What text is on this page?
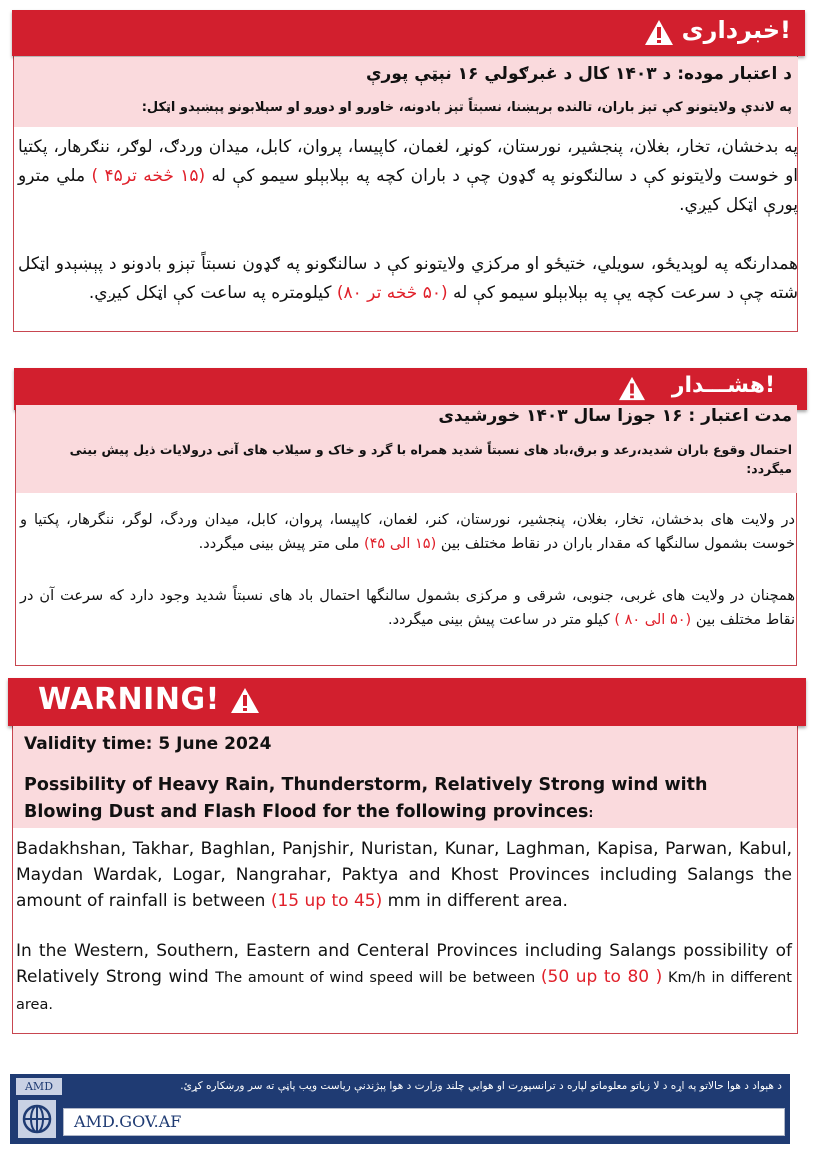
خبرداری!
د اعتبار موده: د ۱۴۰۳ کال د غبرګولي ۱۶ نېټې پورې
په لاندې ولایتونو کې تېز باران، تالنده برېښنا، نسبتاً تېز بادونه، خاورو او دوړو او سېلابونو پېښېدو اټکل:
په بدخشان، تخار، بغلان، پنجشیر، نورستان، کونړ، لغمان، کاپیسا، پروان، کابل، میدان وردګ، لوګر، ننګرهار، پکتیا او خوست ولایتونو کې د سالنګونو په ګډون چې د باران کچه په بېلابېلو سیمو کې له (۱۵ څخه تر۴۵ ) ملي مترو پورې اټکل کیږي.
همدارنګه په لوېدیځو، سویلي، ختیځو او مرکزي ولایتونو کې د سالنګونو په ګډون نسبتاً تېزو بادونو د پېښېدو اټکل شته چې د سرعت کچه یې په بېلابېلو سیمو کې له (۵۰ څخه تر ۸۰) کیلومتره په ساعت کې اټکل کیږي.
هشـــدار!
مدت اعتبار : ۱۶ جوزا سال ۱۴۰۳ خورشیدی
احتمال وقوع باران شدید،رعد و برق،باد های نسبتاً شدید همراه با گرد و خاک و سیلاب های آنی درولایات ذیل پیش بینی میگردد:
در ولایت های بدخشان، تخار، بغلان، پنجشیر، نورستان، کنر، لغمان، کاپیسا، پروان، کابل، میدان وردگ، لوگر، ننگرهار، پکتیا و خوست بشمول سالنگها که مقدار باران در نقاط مختلف بین (۱۵ الی ۴۵) ملی متر پیش بینی میگردد.
همچنان در ولایت های غربی، جنوبی، شرقی و مرکزی بشمول سالنگها احتمال باد های نسبتاً شدید وجود دارد که سرعت آن در نقاط مختلف بین (۵۰ الی ۸۰ ) کیلو متر در ساعت پیش بینی میگردد.
WARNING!
Validity time: 5 June 2024
Possibility of Heavy Rain, Thunderstorm, Relatively Strong wind with
Blowing Dust and Flash Flood for the following provinces:
Badakhshan, Takhar, Baghlan, Panjshir, Nuristan, Kunar, Laghman, Kapisa, Parwan, Kabul, Maydan Wardak, Logar, Nangrahar, Paktya and Khost Provinces including Salangs the amount of rainfall is between (15 up to 45) mm in different area.
In the Western, Southern, Eastern and Centeral Provinces including Salangs possibility of Relatively Strong wind The amount of wind speed will be between (50 up to 80 ) Km/h in different area.
AMD	د هېواد د هوا حالاتو په اړه د لا زیاتو معلوماتو لپاره د ترانسپورت او هوایي چلند وزارت د هوا پېژندنې ریاست ویب پاڼې ته سر ورښکاره کړئ.
AMD.GOV.AF
